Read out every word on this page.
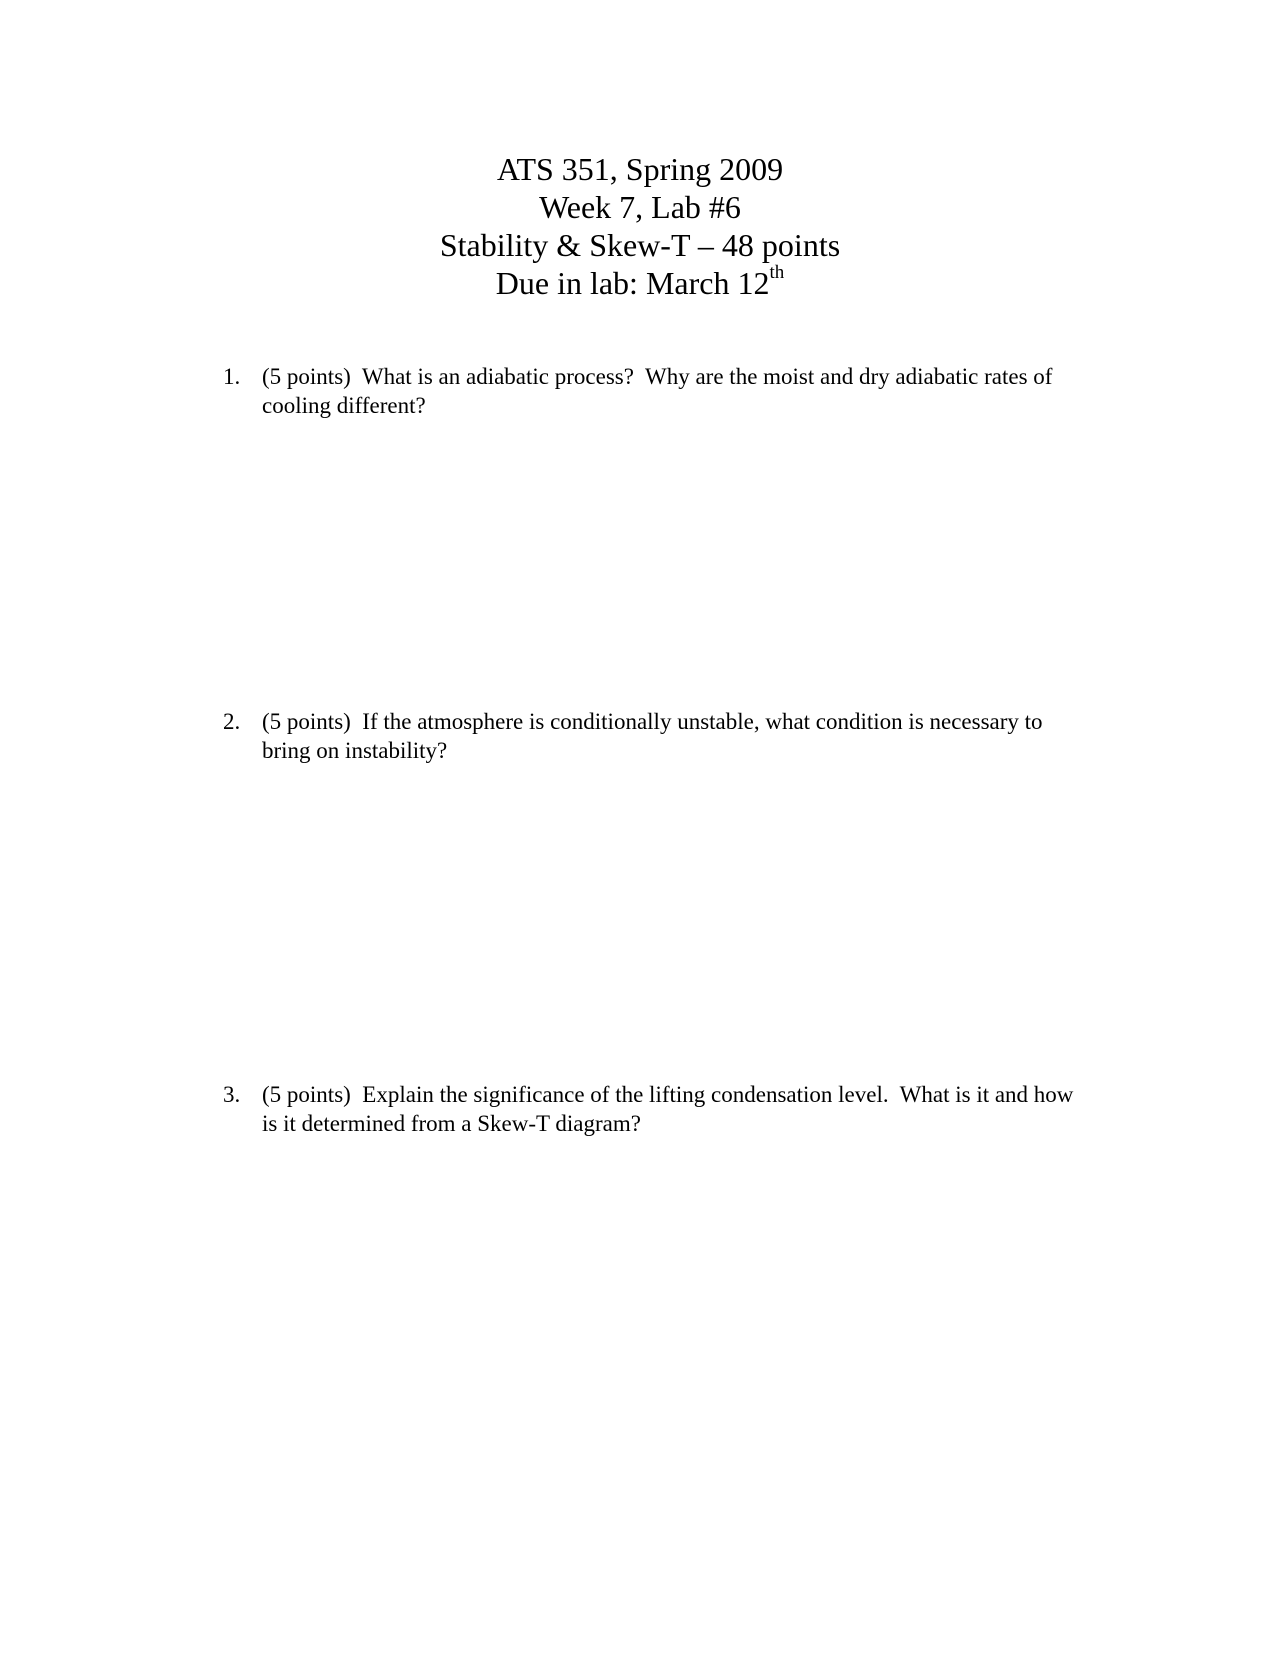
ATS 351, Spring 2009
Week 7, Lab #6
Stability & Skew-T – 48 points
Due in lab: March 12th
1. (5 points)  What is an adiabatic process?  Why are the moist and dry adiabatic rates of cooling different?
2. (5 points)  If the atmosphere is conditionally unstable, what condition is necessary to bring on instability?
3. (5 points)  Explain the significance of the lifting condensation level.  What is it and how is it determined from a Skew-T diagram?
